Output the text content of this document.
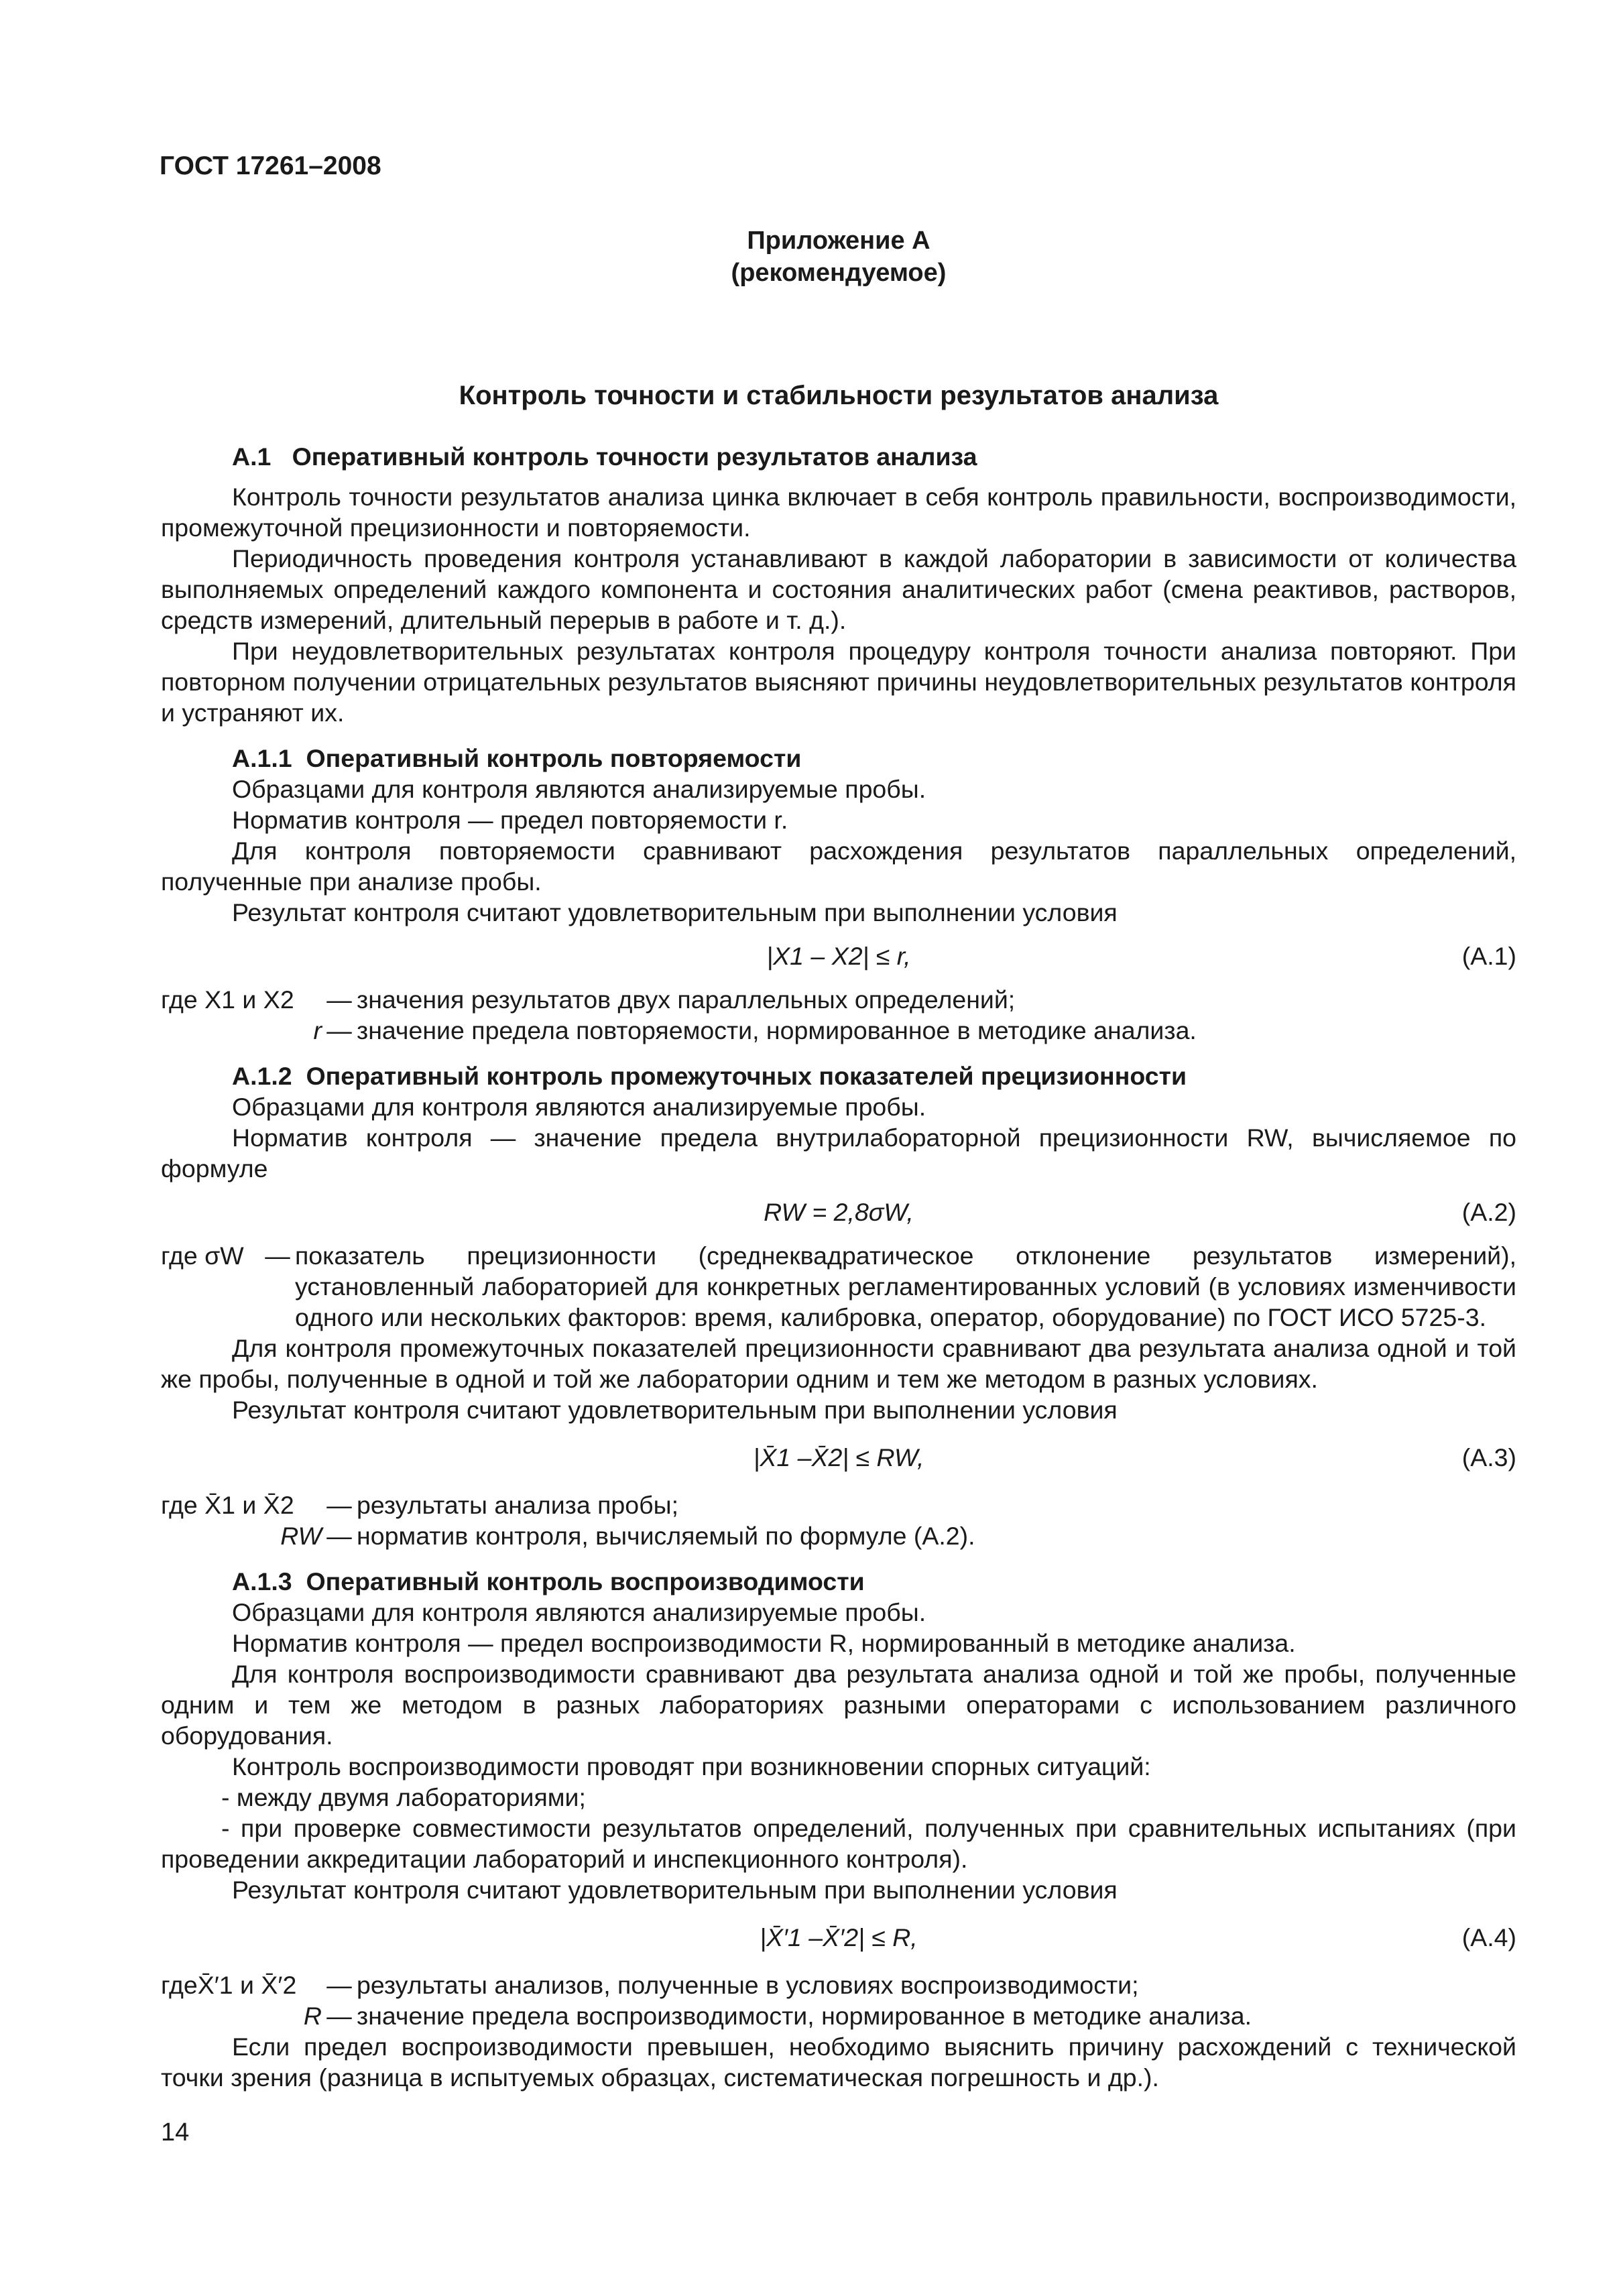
ГОСТ 17261–2008
Приложение А
(рекомендуемое)
Контроль точности и стабильности результатов анализа

А.1   Оперативный контроль точности результатов анализа

Контроль точности результатов анализа цинка включает в себя контроль правильности, воспроизводимости, промежуточной прецизионности и повторяемости.

Периодичность проведения контроля устанавливают в каждой лаборатории в зависимости от количества выполняемых определений каждого компонента и состояния аналитических работ (смена реактивов, растворов, средств измерений, длительный перерыв в работе и т. д.).

При неудовлетворительных результатах контроля процедуру контроля точности анализа повторяют. При повторном получении отрицательных результатов выясняют причины неудовлетворительных результатов контроля и устраняют их.

А.1.1  Оперативный контроль повторяемости

Образцами для контроля являются анализируемые пробы.

Норматив контроля — предел повторяемости r.

Для контроля повторяемости сравнивают расхождения результатов параллельных определений, полученные при анализе пробы.

Результат контроля считают удовлетворительным при выполнении условия

|X1 – X2| ≤ r,	(А.1)
где X1 и X2 — значения результатов двух параллельных определений;
r — значение предела повторяемости, нормированное в методике анализа.

А.1.2  Оперативный контроль промежуточных показателей прецизионности

Образцами для контроля являются анализируемые пробы.

Норматив контроля — значение предела внутрилабораторной прецизионности RW, вычисляемое по формуле

RW = 2,8σW,	(А.2)
где σW — показатель прецизионности (среднеквадратическое отклонение результатов измерений), установленный лабораторией для конкретных регламентированных условий (в условиях изменчивости одного или нескольких факторов: время, калибровка, оператор, оборудование) по ГОСТ ИСО 5725-3.

Для контроля промежуточных показателей прецизионности сравнивают два результата анализа одной и той же пробы, полученные в одной и той же лаборатории одним и тем же методом в разных условиях.

Результат контроля считают удовлетворительным при выполнении условия

|X̄1 –X̄2| ≤ RW,	(А.3)
где X̄1 и X̄2 — результаты анализа пробы;
RW — норматив контроля, вычисляемый по формуле (А.2).

А.1.3  Оперативный контроль воспроизводимости

Образцами для контроля являются анализируемые пробы.

Норматив контроля — предел воспроизводимости R, нормированный в методике анализа.

Для контроля воспроизводимости сравнивают два результата анализа одной и той же пробы, полученные одним и тем же методом в разных лабораториях разными операторами с использованием различного оборудования.

Контроль воспроизводимости проводят при возникновении спорных ситуаций:

- между двумя лабораториями;

- при проверке совместимости результатов определений, полученных при сравнительных испытаниях (при проведении аккредитации лабораторий и инспекционного контроля).

Результат контроля считают удовлетворительным при выполнении условия

|X̄′1 –X̄′2| ≤ R,	(А.4)
гдеX̄′1 и X̄′2 — результаты анализов, полученные в условиях воспроизводимости;
R — значение предела воспроизводимости, нормированное в методике анализа.

Если предел воспроизводимости превышен, необходимо выяснить причину расхождений с технической точки зрения (разница в испытуемых образцах, систематическая погрешность и др.).

14
